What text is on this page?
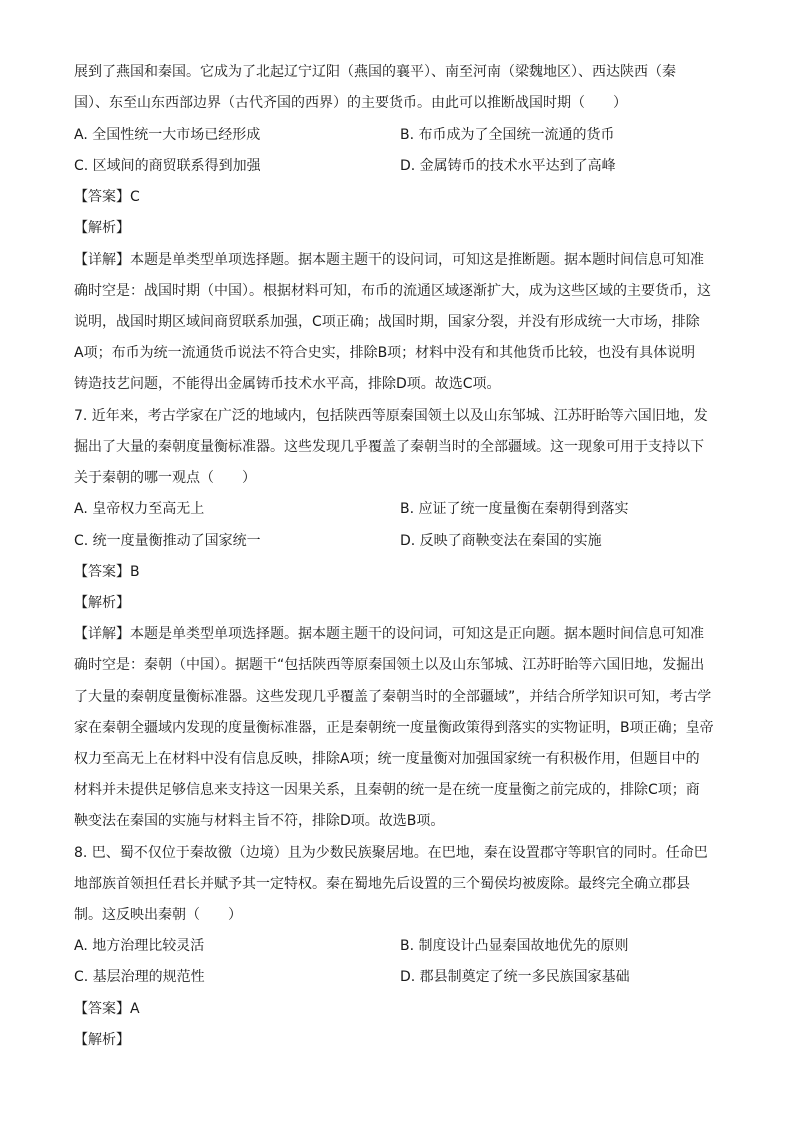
展到了燕国和秦国。它成为了北起辽宁辽阳（燕国的襄平）、南至河南（梁魏地区）、西达陕西（秦
国）、东至山东西部边界（古代齐国的西界）的主要货币。由此可以推断战国时期（　　）
A. 全国性统一大市场已经形成	B. 布币成为了全国统一流通的货币
C. 区域间的商贸联系得到加强	D. 金属铸币的技术水平达到了高峰
【答案】C
【解析】
【详解】本题是单类型单项选择题。据本题主题干的设问词，可知这是推断题。据本题时间信息可知准
确时空是：战国时期（中国）。根据材料可知，布币的流通区域逐渐扩大，成为这些区域的主要货币，这
说明，战国时期区域间商贸联系加强，C项正确；战国时期，国家分裂，并没有形成统一大市场，排除
A项；布币为统一流通货币说法不符合史实，排除B项；材料中没有和其他货币比较，也没有具体说明
铸造技艺问题，不能得出金属铸币技术水平高，排除D项。故选C项。
7. 近年来，考古学家在广泛的地域内，包括陕西等原秦国领土以及山东邹城、江苏盱眙等六国旧地，发
掘出了大量的秦朝度量衡标准器。这些发现几乎覆盖了秦朝当时的全部疆域。这一现象可用于支持以下
关于秦朝的哪一观点（　　）
A. 皇帝权力至高无上	B. 应证了统一度量衡在秦朝得到落实
C. 统一度量衡推动了国家统一	D. 反映了商鞅变法在秦国的实施
【答案】B
【解析】
【详解】本题是单类型单项选择题。据本题主题干的设问词，可知这是正向题。据本题时间信息可知准
确时空是：秦朝（中国）。据题干“包括陕西等原秦国领土以及山东邹城、江苏盱眙等六国旧地，发掘出
了大量的秦朝度量衡标准器。这些发现几乎覆盖了秦朝当时的全部疆域”，并结合所学知识可知，考古学
家在秦朝全疆域内发现的度量衡标准器，正是秦朝统一度量衡政策得到落实的实物证明，B项正确；皇帝
权力至高无上在材料中没有信息反映，排除A项；统一度量衡对加强国家统一有积极作用，但题目中的
材料并未提供足够信息来支持这一因果关系，且秦朝的统一是在统一度量衡之前完成的，排除C项；商
鞅变法在秦国的实施与材料主旨不符，排除D项。故选B项。
8. 巴、蜀不仅位于秦故徼（边境）且为少数民族聚居地。在巴地，秦在设置郡守等职官的同时。任命巴
地部族首领担任君长并赋予其一定特权。秦在蜀地先后设置的三个蜀侯均被废除。最终完全确立郡县
制。这反映出秦朝（　　）
A. 地方治理比较灵活	B. 制度设计凸显秦国故地优先的原则
C. 基层治理的规范性	D. 郡县制奠定了统一多民族国家基础
【答案】A
【解析】
